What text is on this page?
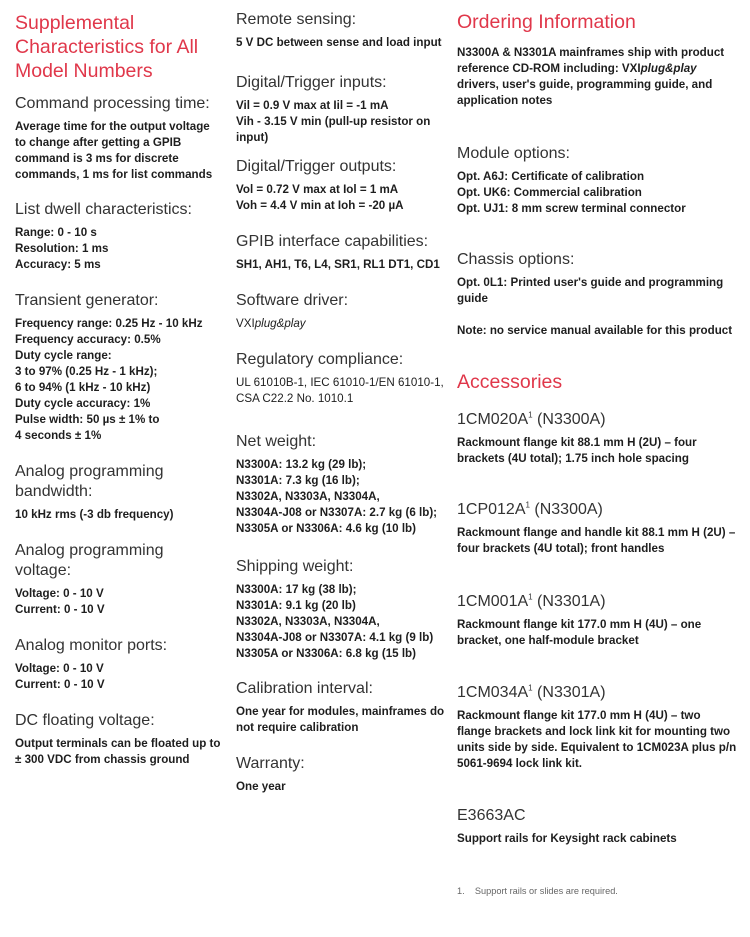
Supplemental Characteristics for All Model Numbers
Command processing time:

Average time for the output voltage to change after getting a GPIB command is 3 ms for discrete commands, 1 ms for list commands

List dwell characteristics:

Range: 0 - 10 s
Resolution: 1 ms
Accuracy: 5 ms

Transient generator:

Frequency range: 0.25 Hz - 10 kHz
Frequency accuracy: 0.5%
Duty cycle range:
3 to 97% (0.25 Hz - 1 kHz);
6 to 94% (1 kHz - 10 kHz)
Duty cycle accuracy: 1%
Pulse width: 50 µs ± 1% to
4 seconds ± 1%

Analog programming bandwidth:

10 kHz rms (-3 db frequency)

Analog programming voltage:

Voltage: 0 - 10 V
Current: 0 - 10 V

Analog monitor ports:

Voltage: 0 - 10 V
Current: 0 - 10 V

DC floating voltage:

Output terminals can be floated up to ± 300 VDC from chassis ground

Remote sensing:

5 V DC between sense and load input

Digital/Trigger inputs:

Vil = 0.9 V max at Iil = -1 mA
Vih - 3.15 V min (pull-up resistor on input)

Digital/Trigger outputs:

Vol = 0.72 V max at Iol = 1 mA
Voh = 4.4 V min at Ioh = -20 µA

GPIB interface capabilities:

SH1, AH1, T6, L4, SR1, RL1 DT1, CD1

Software driver:

VXIplug&play

Regulatory compliance:

UL 61010B-1, IEC 61010-1/EN 61010-1, CSA C22.2 No. 1010.1

Net weight:

N3300A: 13.2 kg (29 lb);
N3301A: 7.3 kg (16 lb);
N3302A, N3303A, N3304A,
N3304A-J08 or N3307A: 2.7 kg (6 lb);
N3305A or N3306A: 4.6 kg (10 lb)

Shipping weight:

N3300A: 17 kg (38 lb);
N3301A: 9.1 kg (20 lb)
N3302A, N3303A, N3304A,
N3304A-J08 or N3307A: 4.1 kg (9 lb)
N3305A or N3306A: 6.8 kg (15 lb)

Calibration interval:

One year for modules, mainframes do not require calibration

Warranty:

One year

Ordering Information

N3300A & N3301A mainframes ship with product reference CD-ROM including: VXIplug&play drivers, user's guide, programming guide, and application notes

Module options:

Opt. A6J: Certificate of calibration
Opt. UK6: Commercial calibration
Opt. UJ1: 8 mm screw terminal connector

Chassis options:

Opt. 0L1: Printed user's guide and programming guide

Note: no service manual available for this product

Accessories
$1CM020A^1$ (N3300A)

Rackmount flange kit 88.1 mm H (2U) – four brackets (4U total); 1.75 inch hole spacing

$1CP012A^1$ (N3300A)

Rackmount flange and handle kit 88.1 mm H (2U) – four brackets (4U total); front handles

$1CM001A^1$ (N3301A)

Rackmount flange kit 177.0 mm H (4U) – one bracket, one half-module bracket

$1CM034A^1$ (N3301A)

Rackmount flange kit 177.0 mm H (4U) – two flange brackets and lock link kit for mounting two units side by side. Equivalent to 1CM023A plus p/n 5061-9694 lock link kit.

E3663AC

Support rails for Keysight rack cabinets

1.    Support rails or slides are required.
